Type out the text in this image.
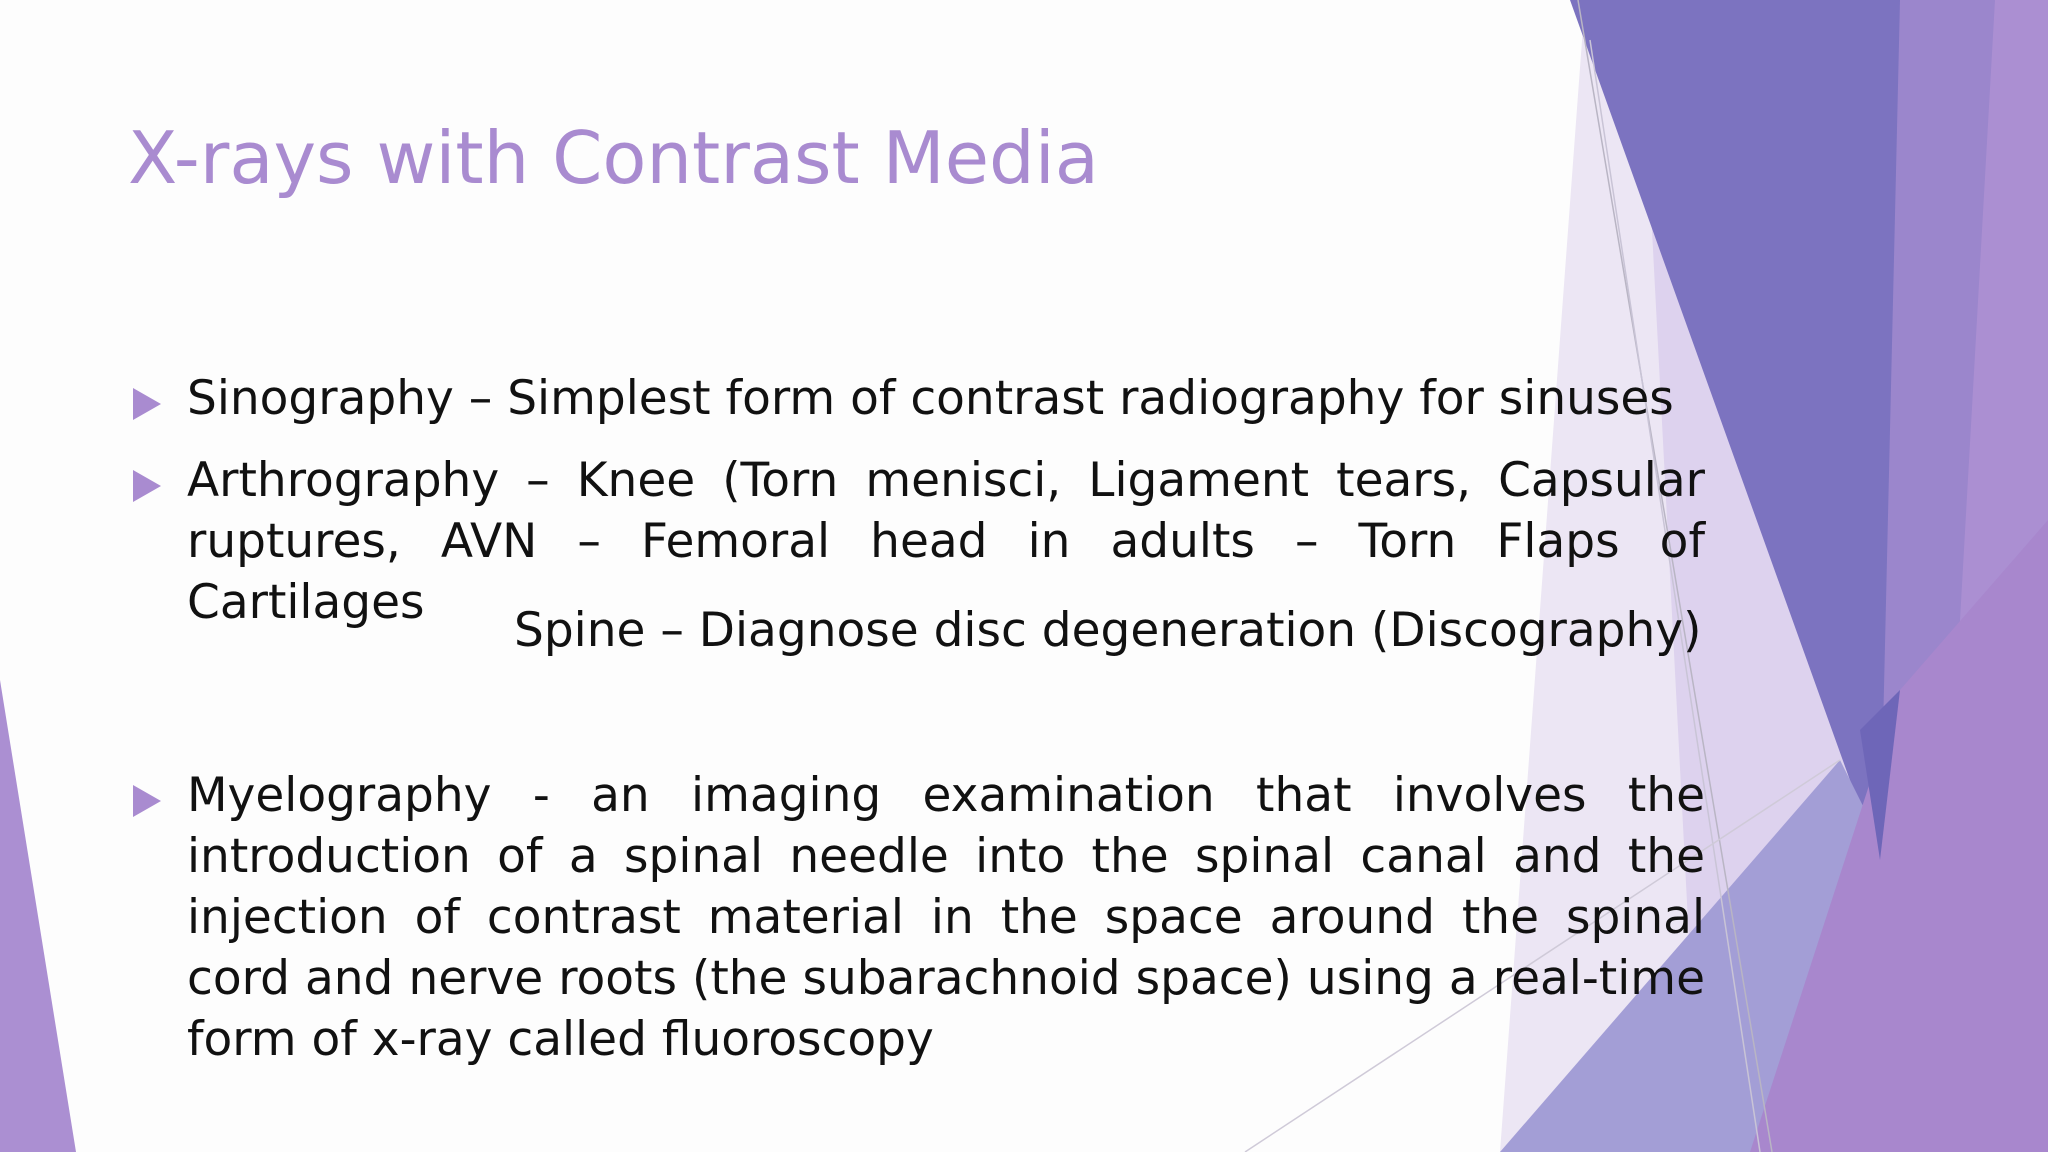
X-rays with Contrast Media
Sinography – Simplest form of contrast radiography for sinuses
Arthrography – Knee (Torn menisci, Ligament tears, Capsular ruptures, AVN – Femoral head in adults – Torn Flaps of Cartilages
Spine – Diagnose disc degeneration (Discography)
Myelography - an imaging examination that involves the introduction of a spinal needle into the spinal canal and the injection of contrast material in the space around the spinal cord and nerve roots (the subarachnoid space) using a real-time form of x-ray called fluoroscopy
